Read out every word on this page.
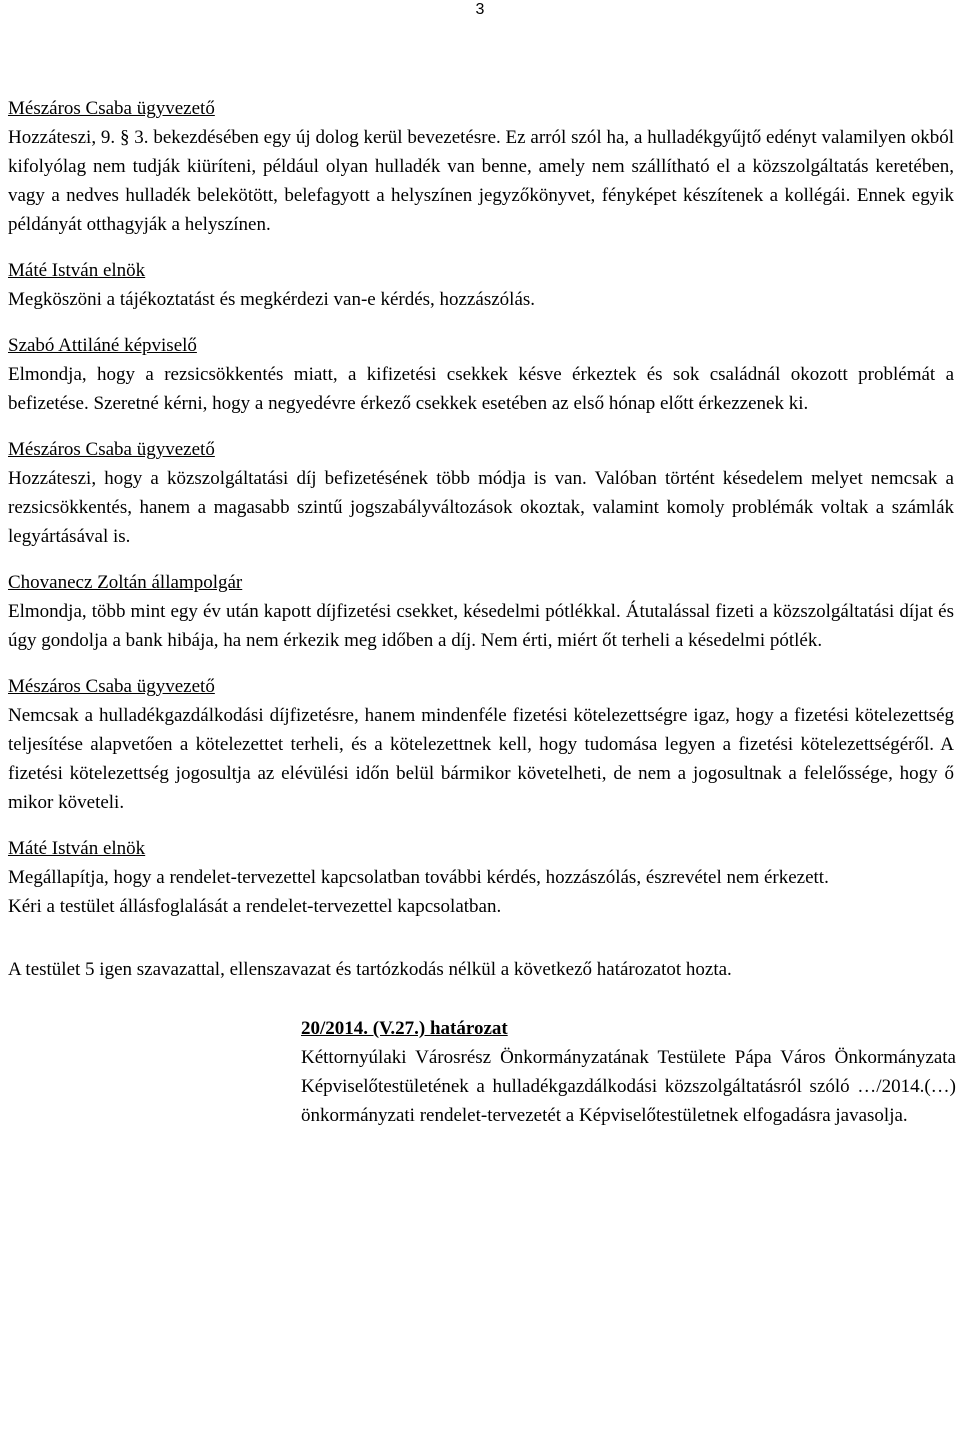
3
Mészáros Csaba ügyvezető

Hozzáteszi, 9. § 3. bekezdésében egy új dolog kerül bevezetésre. Ez arról szól ha, a hulladékgyűjtő edényt valamilyen okból kifolyólag nem tudják kiüríteni, például olyan hulladék van benne, amely nem szállítható el a közszolgáltatás keretében, vagy a nedves hulladék belekötött, belefagyott a helyszínen jegyzőkönyvet, fényképet készítenek a kollégái. Ennek egyik példányát otthagyják a helyszínen.

Máté István elnök

Megköszöni a tájékoztatást és megkérdezi van-e kérdés, hozzászólás.

Szabó Attiláné képviselő

Elmondja, hogy a rezsicsökkentés miatt, a kifizetési csekkek késve érkeztek és sok családnál okozott problémát a befizetése. Szeretné kérni, hogy a negyedévre érkező csekkek esetében az első hónap előtt érkezzenek ki.

Mészáros Csaba ügyvezető

Hozzáteszi, hogy a közszolgáltatási díj befizetésének több módja is van. Valóban történt késedelem melyet nemcsak a rezsicsökkentés, hanem a magasabb szintű jogszabályváltozások okoztak, valamint komoly problémák voltak a számlák legyártásával is.

Chovanecz Zoltán állampolgár

Elmondja, több mint egy év után kapott díjfizetési csekket, késedelmi pótlékkal. Átutalással fizeti a közszolgáltatási díjat és úgy gondolja a bank hibája, ha nem érkezik meg időben a díj. Nem érti, miért őt terheli a késedelmi pótlék.

Mészáros Csaba ügyvezető

Nemcsak a hulladékgazdálkodási díjfizetésre, hanem mindenféle fizetési kötelezettségre igaz, hogy a fizetési kötelezettség teljesítése alapvetően a kötelezettet terheli, és a kötelezettnek kell, hogy tudomása legyen a fizetési kötelezettségéről. A fizetési kötelezettség jogosultja az elévülési időn belül bármikor követelheti, de nem a jogosultnak a felelőssége, hogy ő mikor követeli.

Máté István elnök

Megállapítja, hogy a rendelet-tervezettel kapcsolatban további kérdés, hozzászólás, észrevétel nem érkezett.

Kéri a testület állásfoglalását a rendelet-tervezettel kapcsolatban.

A testület 5 igen szavazattal, ellenszavazat és tartózkodás nélkül a következő határozatot hozta.

20/2014. (V.27.) határozat

Kéttornyúlaki Városrész Önkormányzatának Testülete Pápa Város Önkormányzata Képviselőtestületének a hulladékgazdálkodási közszolgáltatásról szóló …/2014.(…) önkormányzati rendelet-tervezetét a Képviselőtestületnek elfogadásra javasolja.
